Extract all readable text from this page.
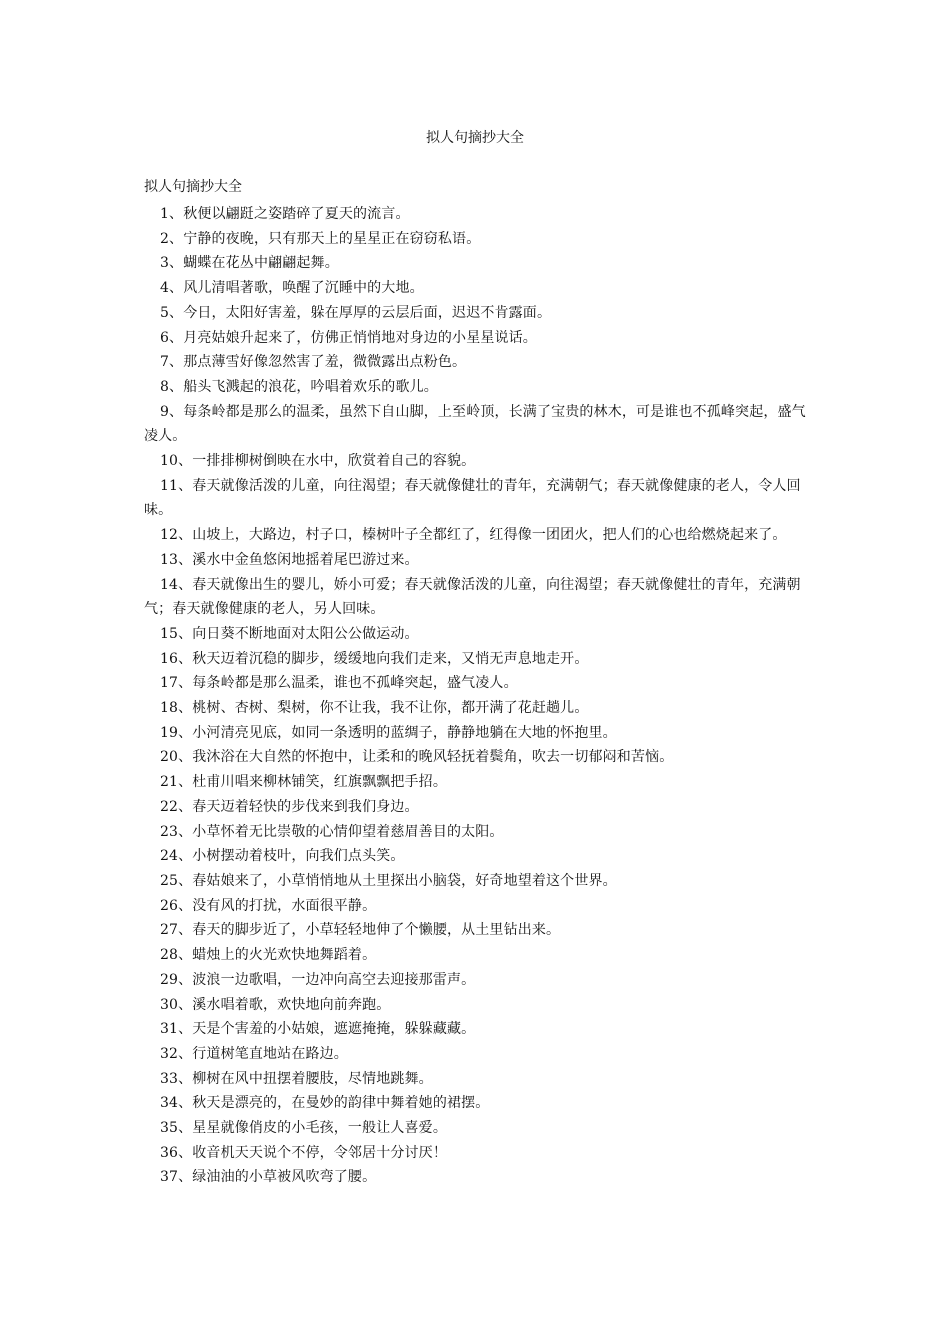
拟人句摘抄大全
拟人句摘抄大全

1、秋便以翩跹之姿踏碎了夏天的流言。

2、宁静的夜晚，只有那天上的星星正在窃窃私语。

3、蝴蝶在花丛中翩翩起舞。

4、风儿清唱著歌，唤醒了沉睡中的大地。

5、今日，太阳好害羞，躲在厚厚的云层后面，迟迟不肯露面。

6、月亮姑娘升起来了，仿佛正悄悄地对身边的小星星说话。

7、那点薄雪好像忽然害了羞，微微露出点粉色。

8、船头飞溅起的浪花，吟唱着欢乐的歌儿。

9、每条岭都是那么的温柔，虽然下自山脚，上至岭顶，长满了宝贵的林木，可是谁也不孤峰突起，盛气凌人。

10、一排排柳树倒映在水中，欣赏着自己的容貌。

11、春天就像活泼的儿童，向往渴望；春天就像健壮的青年，充满朝气；春天就像健康的老人，令人回味。

12、山坡上，大路边，村子口，榛树叶子全都红了，红得像一团团火，把人们的心也给燃烧起来了。

13、溪水中金鱼悠闲地摇着尾巴游过来。

14、春天就像出生的婴儿，娇小可爱；春天就像活泼的儿童，向往渴望；春天就像健壮的青年，充满朝气；春天就像健康的老人，另人回味。

15、向日葵不断地面对太阳公公做运动。

16、秋天迈着沉稳的脚步，缓缓地向我们走来，又悄无声息地走开。

17、每条岭都是那么温柔，谁也不孤峰突起，盛气凌人。

18、桃树、杏树、梨树，你不让我，我不让你，都开满了花赶趟儿。

19、小河清亮见底，如同一条透明的蓝绸子，静静地躺在大地的怀抱里。

20、我沐浴在大自然的怀抱中，让柔和的晚风轻抚着鬓角，吹去一切郁闷和苦恼。

21、杜甫川唱来柳林铺笑，红旗飘飘把手招。

22、春天迈着轻快的步伐来到我们身边。

23、小草怀着无比崇敬的心情仰望着慈眉善目的太阳。

24、小树摆动着枝叶，向我们点头笑。

25、春姑娘来了，小草悄悄地从土里探出小脑袋，好奇地望着这个世界。

26、没有风的打扰，水面很平静。

27、春天的脚步近了，小草轻轻地伸了个懒腰，从土里钻出来。

28、蜡烛上的火光欢快地舞蹈着。

29、波浪一边歌唱，一边冲向高空去迎接那雷声。

30、溪水唱着歌，欢快地向前奔跑。

31、天是个害羞的小姑娘，遮遮掩掩，躲躲藏藏。

32、行道树笔直地站在路边。

33、柳树在风中扭摆着腰肢，尽情地跳舞。

34、秋天是漂亮的，在曼妙的韵律中舞着她的裙摆。

35、星星就像俏皮的小毛孩，一般让人喜爱。

36、收音机天天说个不停，令邻居十分讨厌！

37、绿油油的小草被风吹弯了腰。
